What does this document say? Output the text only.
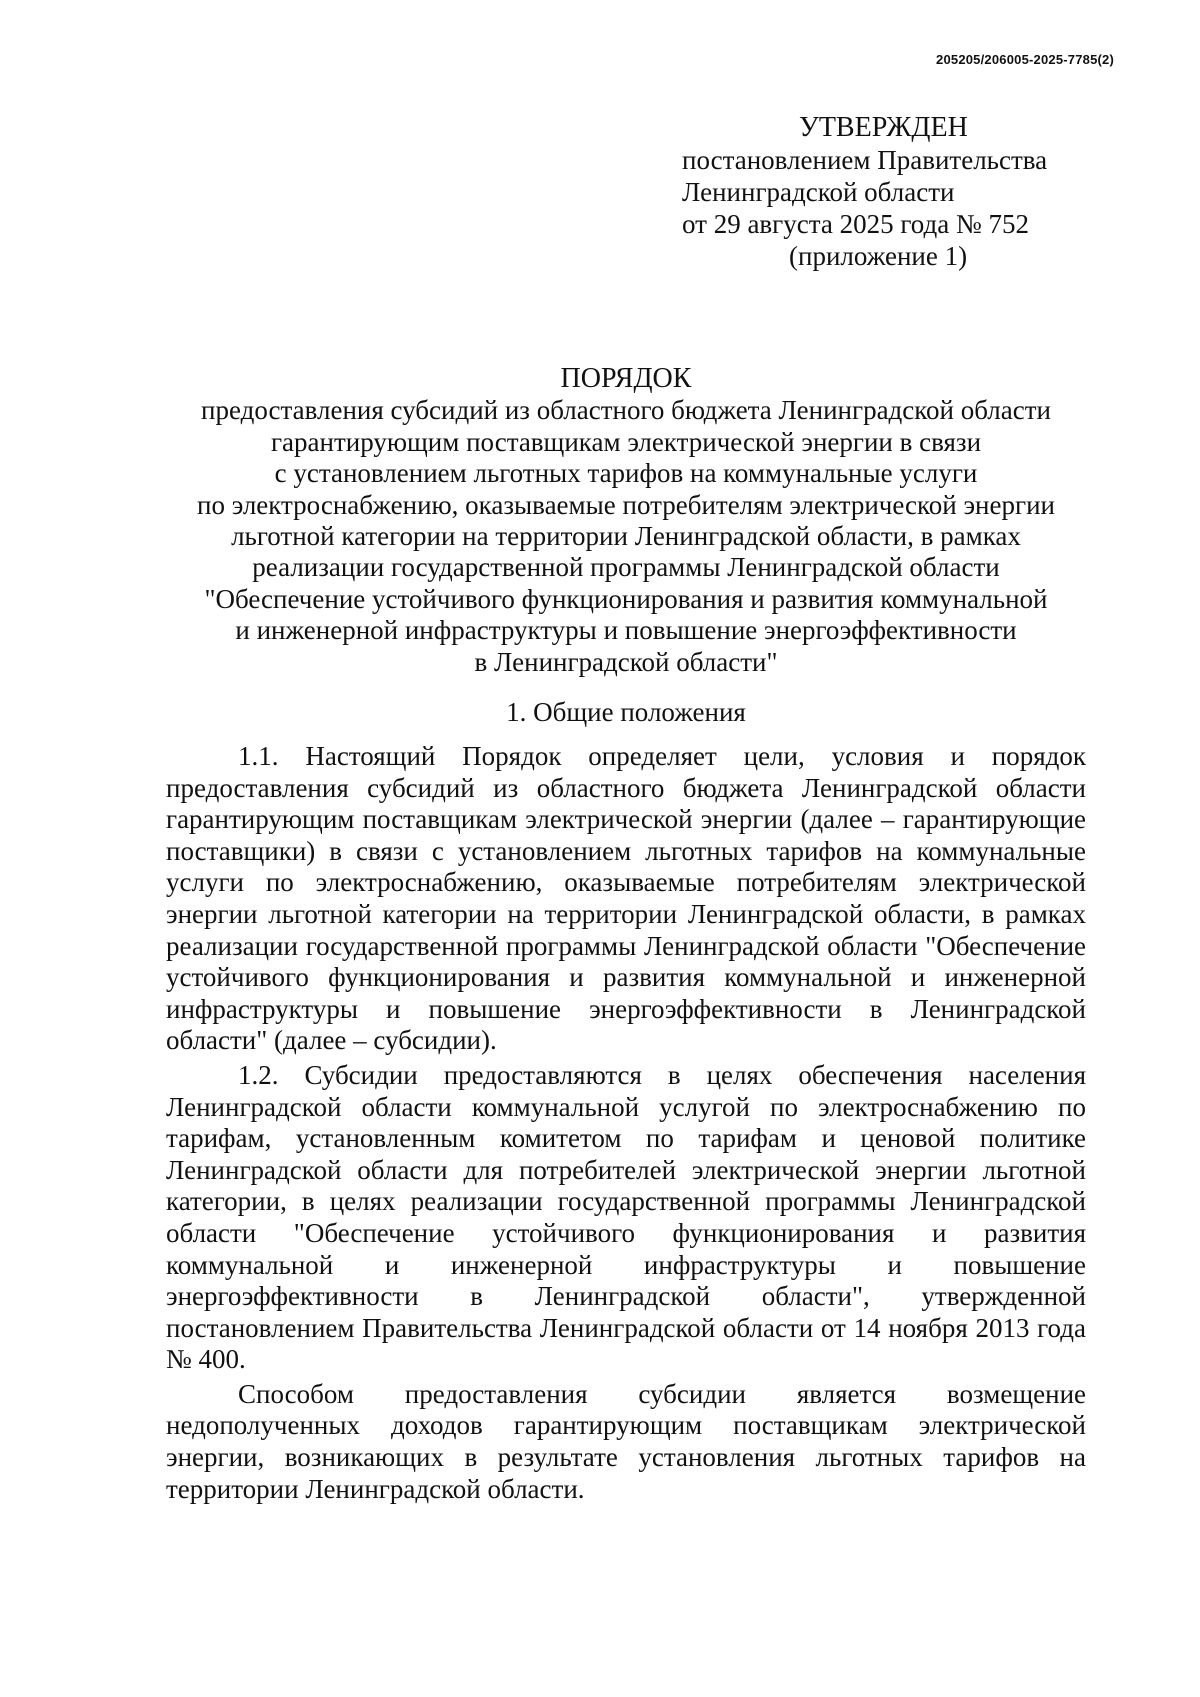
205205/206005-2025-7785(2)
УТВЕРЖДЕН
постановлением Правительства
Ленинградской области
от 29 августа 2025 года № 752
(приложение 1)
ПОРЯДОК
предоставления субсидий из областного бюджета Ленинградской области
гарантирующим поставщикам электрической энергии в связи
с установлением льготных тарифов на коммунальные услуги
по электроснабжению, оказываемые потребителям электрической энергии
льготной категории на территории Ленинградской области, в рамках
реализации государственной программы Ленинградской области
"Обеспечение устойчивого функционирования и развития коммунальной
и инженерной инфраструктуры и повышение энергоэффективности
в Ленинградской области"
1. Общие положения

1.1. Настоящий Порядок определяет цели, условия и порядок предоставления субсидий из областного бюджета Ленинградской области гарантирующим поставщикам электрической энергии (далее – гарантирующие поставщики) в связи с установлением льготных тарифов на коммунальные услуги по электроснабжению, оказываемые потребителям электрической энергии льготной категории на территории Ленинградской области, в рамках реализации государственной программы Ленинградской области "Обеспечение устойчивого функционирования и развития коммунальной и инженерной инфраструктуры и повышение энергоэффективности в Ленинградской области" (далее – субсидии).

1.2. Субсидии предоставляются в целях обеспечения населения Ленинградской области коммунальной услугой по электроснабжению по тарифам, установленным комитетом по тарифам и ценовой политике Ленинградской области для потребителей электрической энергии льготной категории, в целях реализации государственной программы Ленинградской области "Обеспечение устойчивого функционирования и развития коммунальной и инженерной инфраструктуры и повышение энергоэффективности в Ленинградской области", утвержденной постановлением Правительства Ленинградской области от 14 ноября 2013 года № 400.

Способом предоставления субсидии является возмещение недополученных доходов гарантирующим поставщикам электрической энергии, возникающих в результате установления льготных тарифов на территории Ленинградской области.
